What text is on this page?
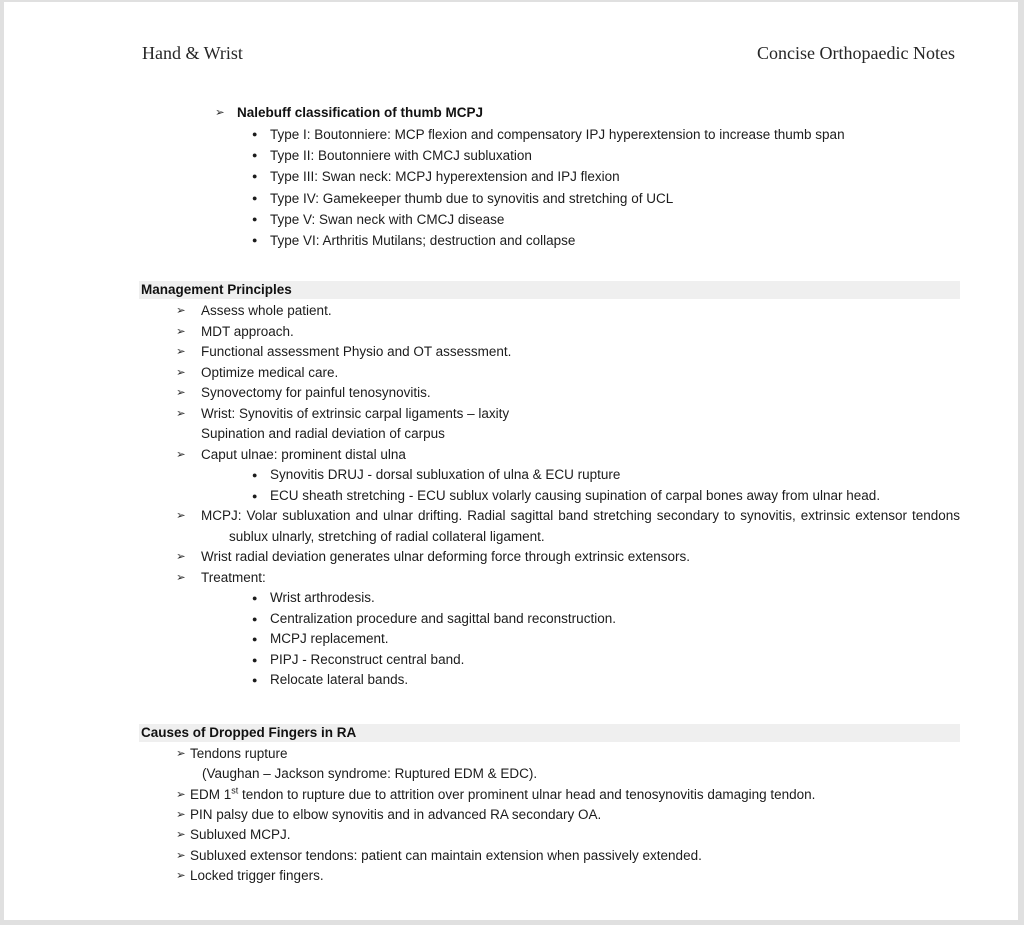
Hand & Wrist	Concise Orthopaedic Notes
➢ Nalebuff classification of thumb MCPJ
● Type I: Boutonniere: MCP flexion and compensatory IPJ hyperextension to increase thumb span
● Type II: Boutonniere with CMCJ subluxation
● Type III: Swan neck: MCPJ hyperextension and IPJ flexion
● Type IV: Gamekeeper thumb due to synovitis and stretching of UCL
● Type V: Swan neck with CMCJ disease
● Type VI: Arthritis Mutilans; destruction and collapse
Management Principles
➢ Assess whole patient.
➢ MDT approach.
➢ Functional assessment Physio and OT assessment.
➢ Optimize medical care.
➢ Synovectomy for painful tenosynovitis.
➢ Wrist: Synovitis of extrinsic carpal ligaments – laxity
Supination and radial deviation of carpus
➢ Caput ulnae: prominent distal ulna
● Synovitis DRUJ - dorsal subluxation of ulna & ECU rupture
● ECU sheath stretching - ECU sublux volarly causing supination of carpal bones away from ulnar head.
➢ MCPJ: Volar subluxation and ulnar drifting. Radial sagittal band stretching secondary to synovitis, extrinsic extensor tendons sublux ulnarly, stretching of radial collateral ligament.
➢ Wrist radial deviation generates ulnar deforming force through extrinsic extensors.
➢ Treatment:
● Wrist arthrodesis.
● Centralization procedure and sagittal band reconstruction.
● MCPJ replacement.
● PIPJ - Reconstruct central band.
● Relocate lateral bands.
Causes of Dropped Fingers in RA
➢ Tendons rupture
(Vaughan – Jackson syndrome: Ruptured EDM & EDC).
➢ EDM 1st tendon to rupture due to attrition over prominent ulnar head and tenosynovitis damaging tendon.
➢ PIN palsy due to elbow synovitis and in advanced RA secondary OA.
➢ Subluxed MCPJ.
➢ Subluxed extensor tendons: patient can maintain extension when passively extended.
➢ Locked trigger fingers.
